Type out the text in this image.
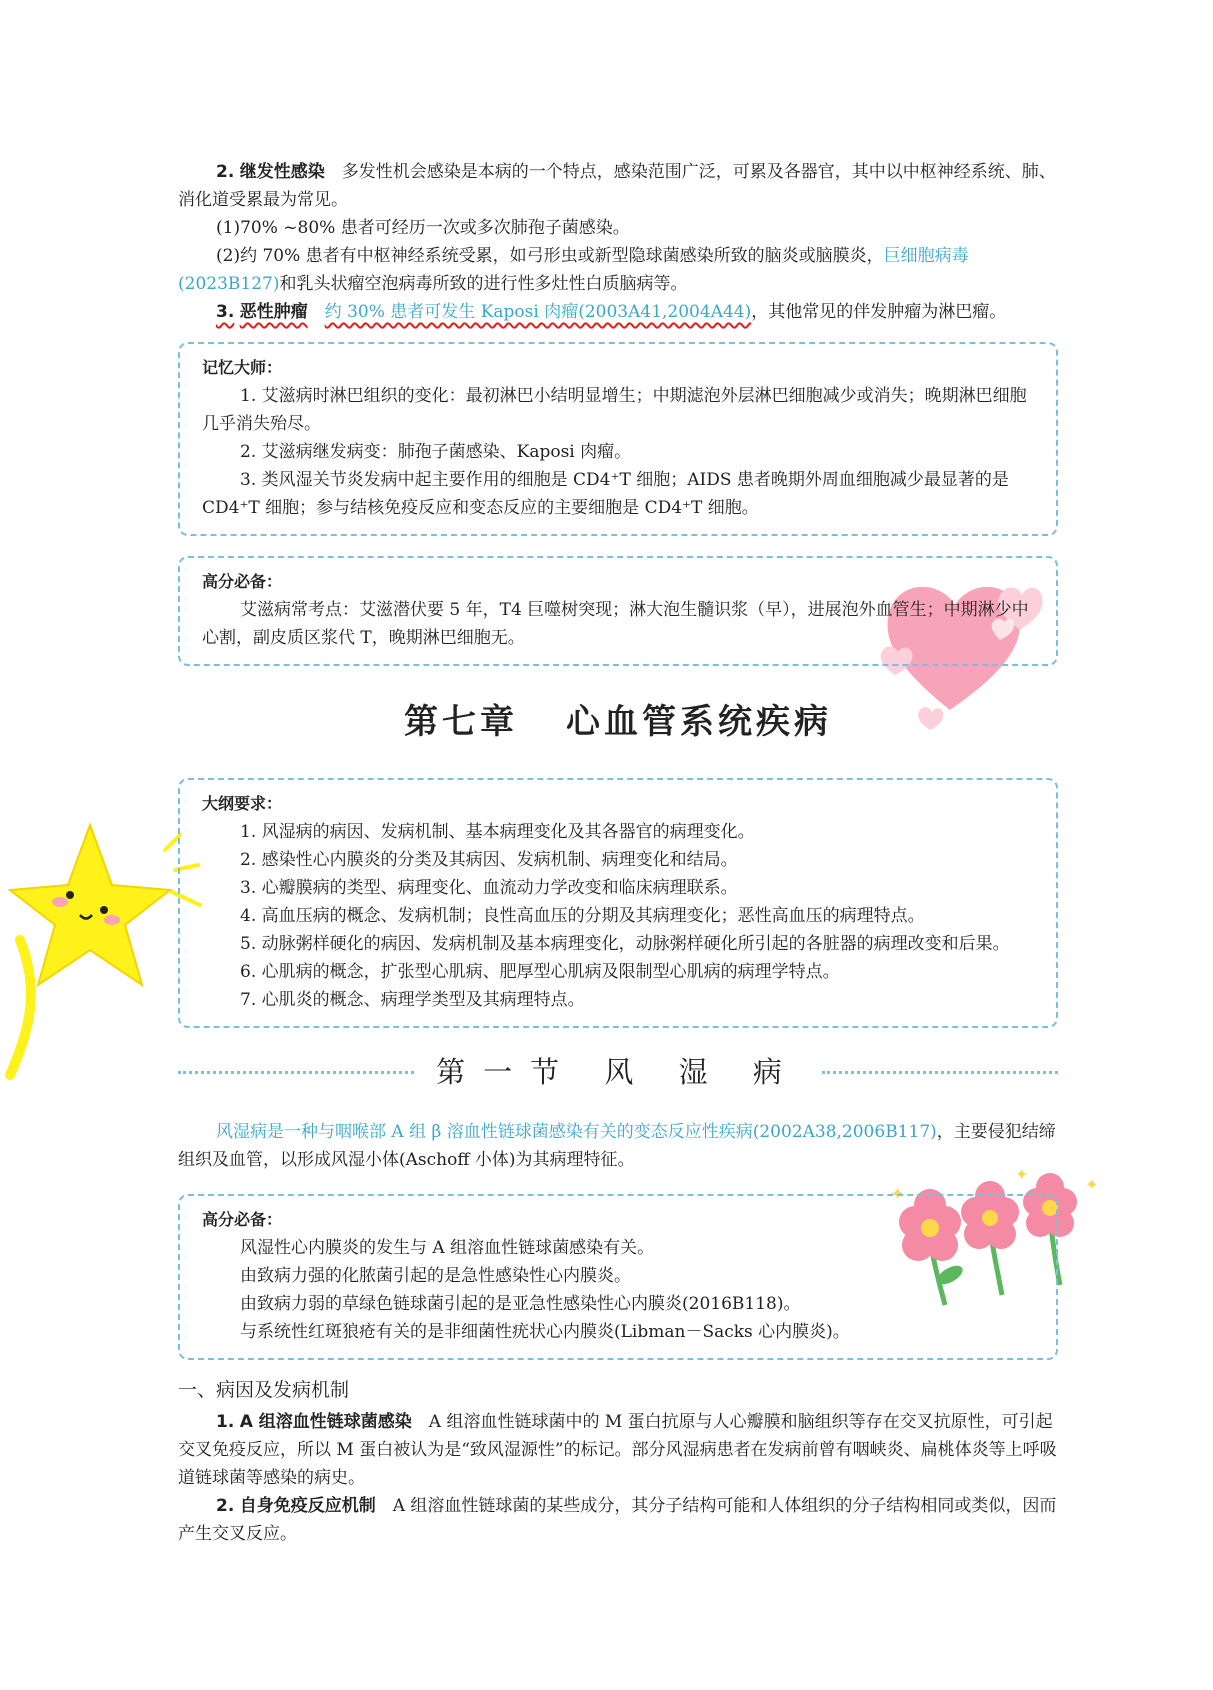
✦
✦
✦

2. 继发性感染　多发性机会感染是本病的一个特点，感染范围广泛，可累及各器官，其中以中枢神经系统、肺、消化道受累最为常见。

(1)70% ~80% 患者可经历一次或多次肺孢子菌感染。

(2)约 70% 患者有中枢神经系统受累，如弓形虫或新型隐球菌感染所致的脑炎或脑膜炎，巨细胞病毒(2023B127)和乳头状瘤空泡病毒所致的进行性多灶性白质脑病等。

3. 恶性肿瘤　 约 30% 患者可发生 Kaposi 肉瘤(2003A41,2004A44)，其他常见的伴发肿瘤为淋巴瘤。

记忆大师：

1. 艾滋病时淋巴组织的变化：最初淋巴小结明显增生；中期滤泡外层淋巴细胞减少或消失；晚期淋巴细胞几乎消失殆尽。

2. 艾滋病继发病变：肺孢子菌感染、Kaposi 肉瘤。

3. 类风湿关节炎发病中起主要作用的细胞是 CD4⁺T 细胞；AIDS 患者晚期外周血细胞减少最显著的是 CD4⁺T 细胞；参与结核免疫反应和变态反应的主要细胞是 CD4⁺T 细胞。

高分必备：

艾滋病常考点：艾滋潜伏要 5 年，T4 巨噬树突现；淋大泡生髓识浆（早），进展泡外血管生；中期淋少中心割，副皮质区浆代 T，晚期淋巴细胞无。

第七章 心血管系统疾病
大纲要求：

1. 风湿病的病因、发病机制、基本病理变化及其各器官的病理变化。

2. 感染性心内膜炎的分类及其病因、发病机制、病理变化和结局。

3. 心瓣膜病的类型、病理变化、血流动力学改变和临床病理联系。

4. 高血压病的概念、发病机制；良性高血压的分期及其病理变化；恶性高血压的病理特点。

5. 动脉粥样硬化的病因、发病机制及基本病理变化，动脉粥样硬化所引起的各脏器的病理改变和后果。

6. 心肌病的概念，扩张型心肌病、肥厚型心肌病及限制型心肌病的病理学特点。

7. 心肌炎的概念、病理学类型及其病理特点。

第一节 风 湿 病

风湿病是一种与咽喉部 A 组 β 溶血性链球菌感染有关的变态反应性疾病(2002A38,2006B117)，主要侵犯结缔组织及血管，以形成风湿小体(Aschoff 小体)为其病理特征。

高分必备：

风湿性心内膜炎的发生与 A 组溶血性链球菌感染有关。

由致病力强的化脓菌引起的是急性感染性心内膜炎。

由致病力弱的草绿色链球菌引起的是亚急性感染性心内膜炎(2016B118)。

与系统性红斑狼疮有关的是非细菌性疣状心内膜炎(Libman－Sacks 心内膜炎)。

一、病因及发病机制

1. A 组溶血性链球菌感染　A 组溶血性链球菌中的 M 蛋白抗原与人心瓣膜和脑组织等存在交叉抗原性，可引起交叉免疫反应，所以 M 蛋白被认为是“致风湿源性”的标记。部分风湿病患者在发病前曾有咽峡炎、扁桃体炎等上呼吸道链球菌等感染的病史。

2. 自身免疫反应机制　A 组溶血性链球菌的某些成分，其分子结构可能和人体组织的分子结构相同或类似，因而产生交叉反应。
